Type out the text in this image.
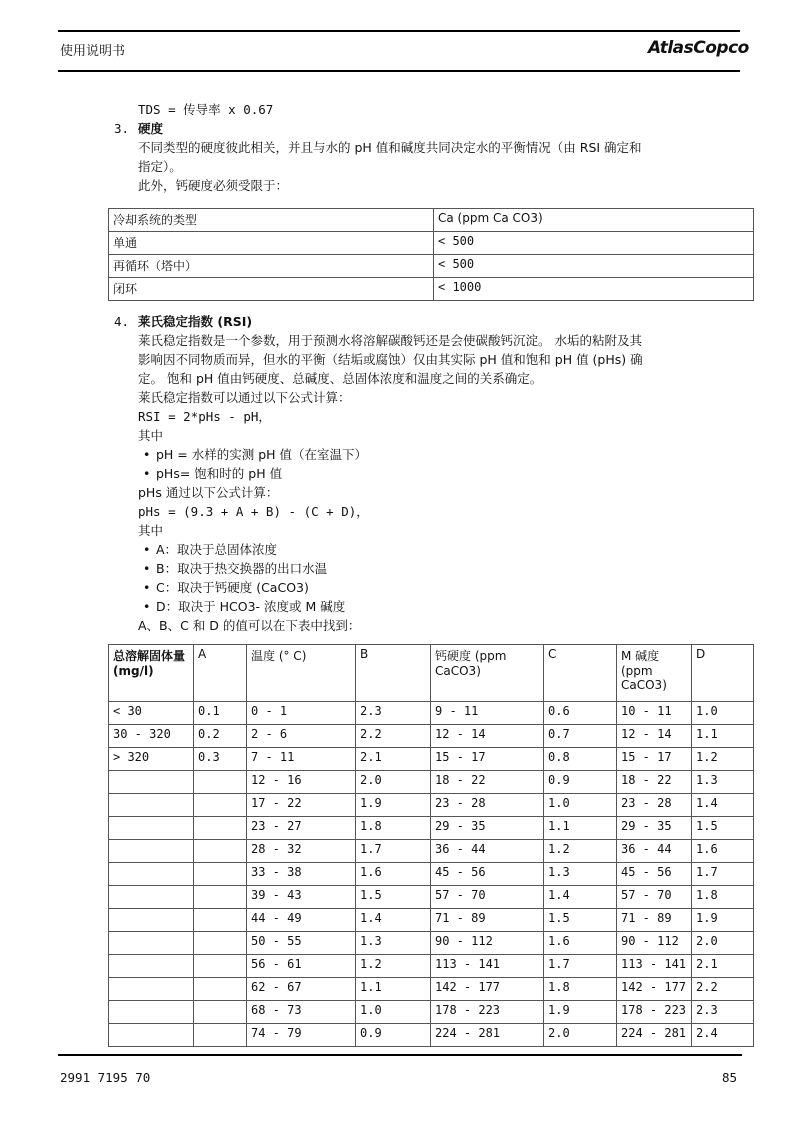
使用说明书	AtlasCopco
TDS = 传导率 x 0.67
3. 硬度
不同类型的硬度彼此相关，并且与水的 pH 值和碱度共同决定水的平衡情况（由 RSI 确定和
指定）。
此外，钙硬度必须受限于：
冷却系统的类型	Ca (ppm Ca CO3)
单通	< 500
再循环（塔中）	< 500
闭环	< 1000
4. 莱氏稳定指数 (RSI)
莱氏稳定指数是一个参数，用于预测水将溶解碳酸钙还是会使碳酸钙沉淀。 水垢的粘附及其
影响因不同物质而异，但水的平衡（结垢或腐蚀）仅由其实际 pH 值和饱和 pH 值 (pHs) 确
定。 饱和 pH 值由钙硬度、总碱度、总固体浓度和温度之间的关系确定。
莱氏稳定指数可以通过以下公式计算：
RSI = 2*pHs - pH，
其中
• pH = 水样的实测 pH 值（在室温下）
• pHs= 饱和时的 pH 值
pHs 通过以下公式计算：
pHs = (9.3 + A + B) - (C + D)，
其中
• A：取决于总固体浓度
• B：取决于热交换器的出口水温
• C：取决于钙硬度 (CaCO3)
• D：取决于 HCO3- 浓度或 M 碱度
A、B、C 和 D 的值可以在下表中找到：
总溶解固体量 (mg/l)	A	温度 (° C)	B	钙硬度 (ppm CaCO3)	C	M 碱度 (ppm CaCO3)	D
< 30	0.1	0 - 1	2.3	9 - 11	0.6	10 - 11	1.0
30 - 320	0.2	2 - 6	2.2	12 - 14	0.7	12 - 14	1.1
> 320	0.3	7 - 11	2.1	15 - 17	0.8	15 - 17	1.2
		12 - 16	2.0	18 - 22	0.9	18 - 22	1.3
		17 - 22	1.9	23 - 28	1.0	23 - 28	1.4
		23 - 27	1.8	29 - 35	1.1	29 - 35	1.5
		28 - 32	1.7	36 - 44	1.2	36 - 44	1.6
		33 - 38	1.6	45 - 56	1.3	45 - 56	1.7
		39 - 43	1.5	57 - 70	1.4	57 - 70	1.8
		44 - 49	1.4	71 - 89	1.5	71 - 89	1.9
		50 - 55	1.3	90 - 112	1.6	90 - 112	2.0
		56 - 61	1.2	113 - 141	1.7	113 - 141	2.1
		62 - 67	1.1	142 - 177	1.8	142 - 177	2.2
		68 - 73	1.0	178 - 223	1.9	178 - 223	2.3
		74 - 79	0.9	224 - 281	2.0	224 - 281	2.4
2991 7195 70	85
